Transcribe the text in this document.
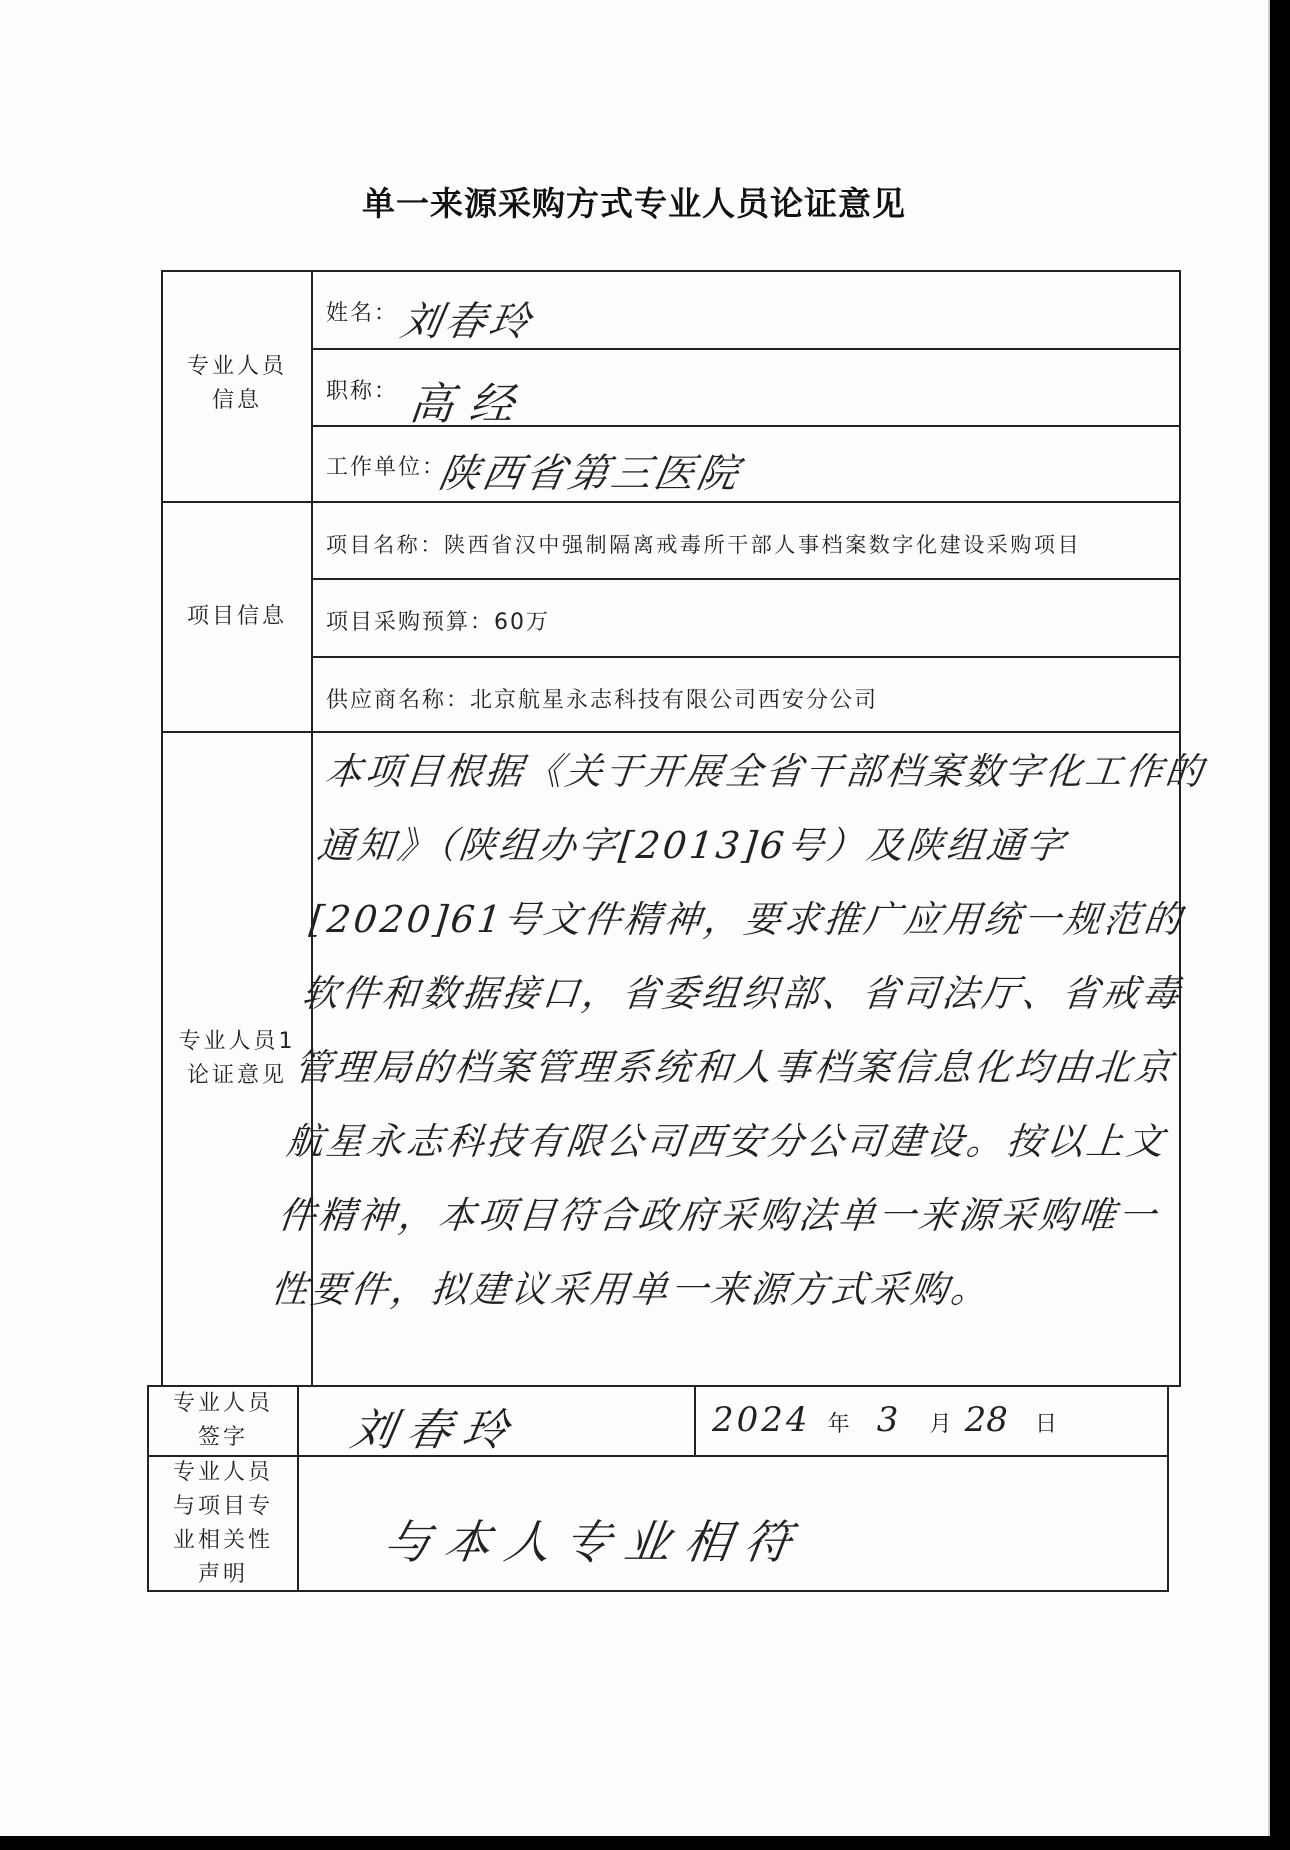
单一来源采购方式专业人员论证意见
专业人员
信息
项目信息
专业人员1
论证意见
专业人员
签字
专业人员
与项目专
业相关性
声明
姓名： 刘春玲
职称： 高经
工作单位：
陕西省第三医院
项目名称：陕西省汉中强制隔离戒毒所干部人事档案数字化建设采购项目
项目采购预算：60万
供应商名称：北京航星永志科技有限公司西安分公司
本项目根据《关于开展全省干部档案数字化工作的通知》（陕组办字[2013]6号）及陕组通字[2020]61号文件精神，要求推广应用统一规范的软件和数据接口，省委组织部、省司法厅、省戒毒管理局的档案管理系统和人事档案信息化均由北京航星永志科技有限公司西安分公司建设。按以上文件精神，本项目符合政府采购法单一来源采购唯一性要件，拟建议采用单一来源方式采购。
刘春玲	2024 年 3 月 28 日
与本人专业相符
